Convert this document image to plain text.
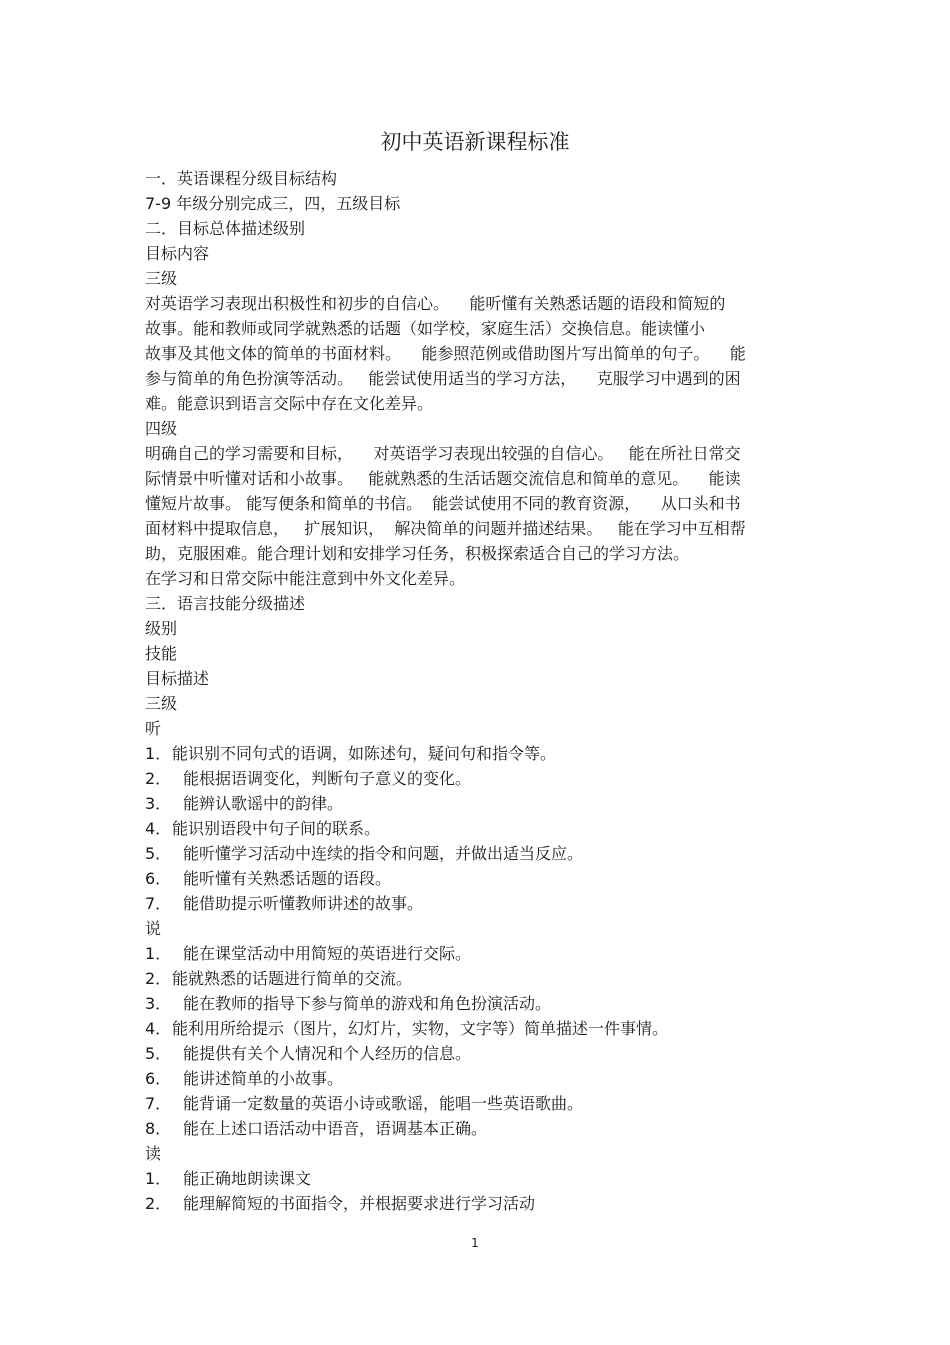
初中英语新课程标准
一．英语课程分级目标结构
7-9 年级分别完成三，四，五级目标
二．目标总体描述级别
目标内容
三级
对英语学习表现出积极性和初步的自信心。    能听懂有关熟悉话题的语段和简短的
故事。能和教师或同学就熟悉的话题（如学校，家庭生活）交换信息。能读懂小
故事及其他文体的简单的书面材料。    能参照范例或借助图片写出简单的句子。    能
参与简单的角色扮演等活动。   能尝试使用适当的学习方法，    克服学习中遇到的困
难。能意识到语言交际中存在文化差异。
四级
明确自己的学习需要和目标，    对英语学习表现出较强的自信心。   能在所社日常交
际情景中听懂对话和小故事。   能就熟悉的生活话题交流信息和简单的意见。    能读
懂短片故事。 能写便条和简单的书信。  能尝试使用不同的教育资源，    从口头和书
面材料中提取信息，   扩展知识，  解决简单的问题并描述结果。   能在学习中互相帮
助，克服困难。能合理计划和安排学习任务，积极探索适合自己的学习方法。
在学习和日常交际中能注意到中外文化差异。
三．语言技能分级描述
级别
技能
目标描述
三级
听
1． 能识别不同句式的语调，如陈述句，疑问句和指令等。
2． 能根据语调变化，判断句子意义的变化。
3． 能辨认歌谣中的韵律。
4． 能识别语段中句子间的联系。
5． 能听懂学习活动中连续的指令和问题，并做出适当反应。
6． 能听懂有关熟悉话题的语段。
7． 能借助提示听懂教师讲述的故事。
说
1． 能在课堂活动中用简短的英语进行交际。
2． 能就熟悉的话题进行简单的交流。
3． 能在教师的指导下参与简单的游戏和角色扮演活动。
4． 能利用所给提示（图片，幻灯片，实物，文字等）简单描述一件事情。
5． 能提供有关个人情况和个人经历的信息。
6． 能讲述简单的小故事。
7． 能背诵一定数量的英语小诗或歌谣，能唱一些英语歌曲。
8． 能在上述口语活动中语音，语调基本正确。
读
1． 能正确地朗读课文
2． 能理解简短的书面指令，并根据要求进行学习活动
1
